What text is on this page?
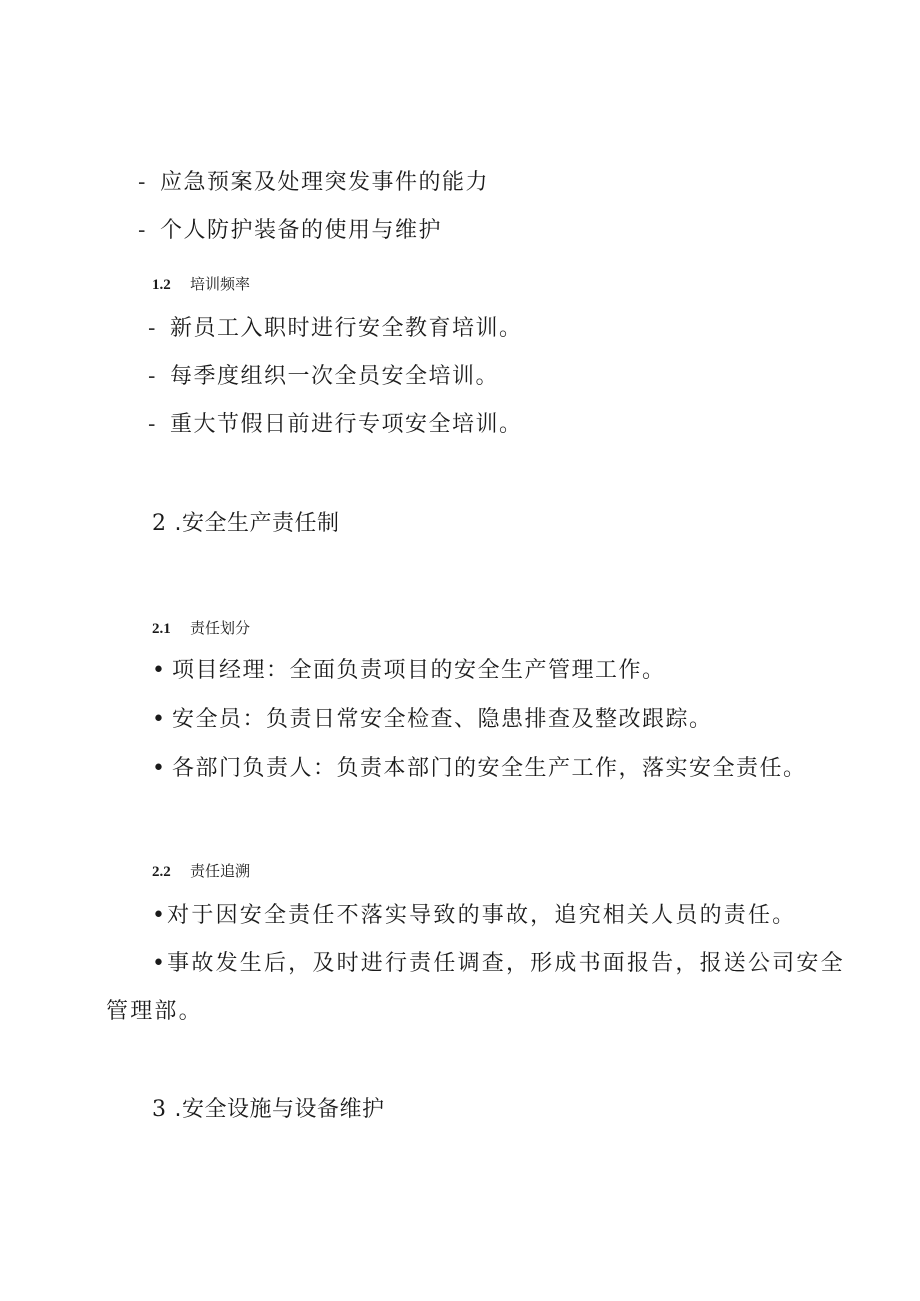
- 应急预案及处理突发事件的能力
- 个人防护装备的使用与维护
1.2 培训频率
- 新员工入职时进行安全教育培训。
- 每季度组织一次全员安全培训。
- 重大节假日前进行专项安全培训。
2 .安全生产责任制
2.1 责任划分
• 项目经理：全面负责项目的安全生产管理工作。
• 安全员：负责日常安全检查、隐患排查及整改跟踪。
• 各部门负责人：负责本部门的安全生产工作，落实安全责任。
2.2 责任追溯
•对于因安全责任不落实导致的事故，追究相关人员的责任。
•事故发生后，及时进行责任调查，形成书面报告，报送公司安全
管理部。
3 .安全设施与设备维护
